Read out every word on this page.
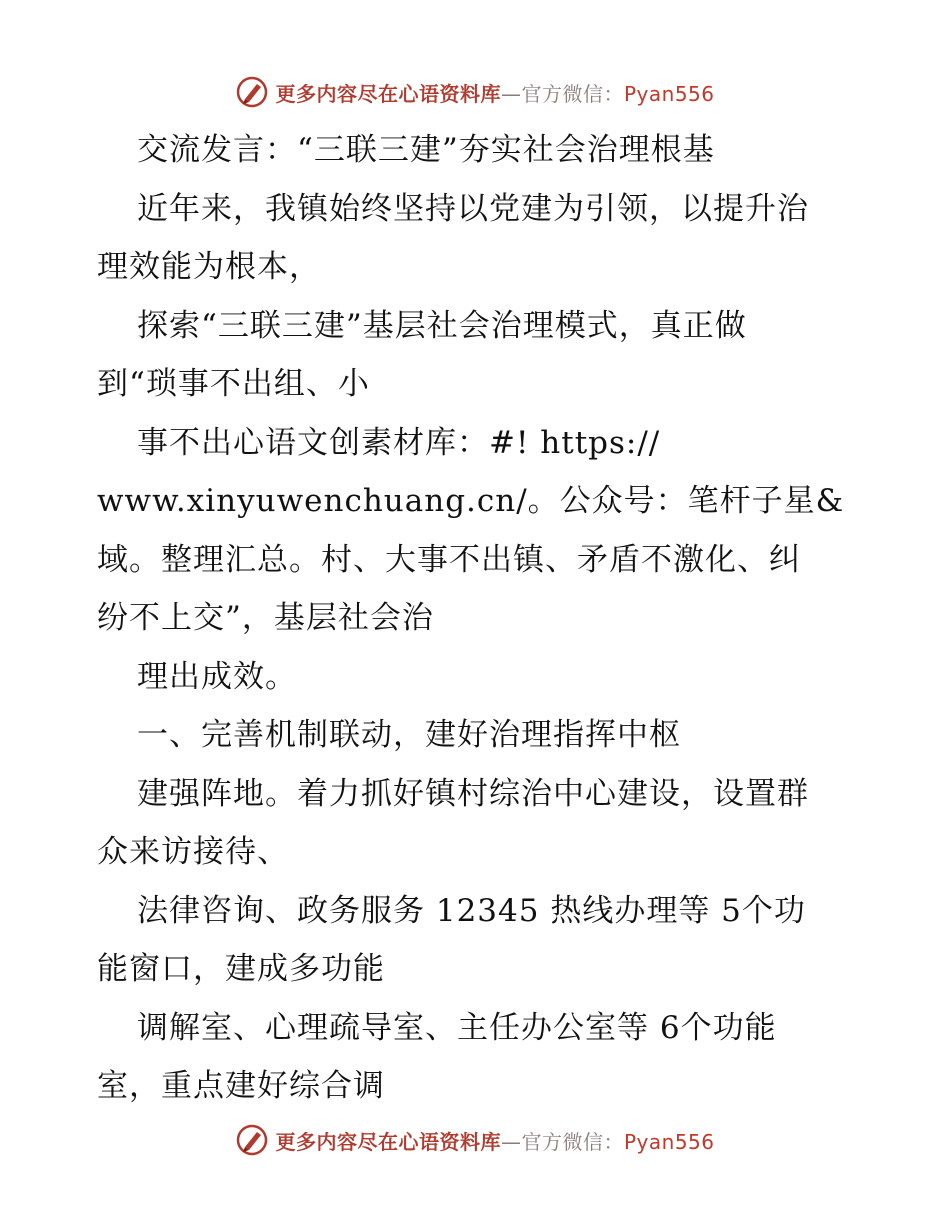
更多内容尽在心语资料库—官方微信：Pyan556
交流发言：“三联三建”夯实社会治理根基
近年来，我镇始终坚持以党建为引领，以提升治
理效能为根本，
探索“三联三建”基层社会治理模式，真正做
到“琐事不出组、小
事不出心语文创素材库：#! https://
www.xinyuwenchuang.cn/。公众号：笔杆子星&
域。整理汇总。村、大事不出镇、矛盾不激化、纠
纷不上交”，基层社会治
理出成效。
一、完善机制联动，建好治理指挥中枢
建强阵地。着力抓好镇村综治中心建设，设置群
众来访接待、
法律咨询、政务服务 12345 热线办理等 5个功
能窗口，建成多功能
调解室、心理疏导室、主任办公室等 6个功能
室，重点建好综合调
更多内容尽在心语资料库—官方微信：Pyan556
